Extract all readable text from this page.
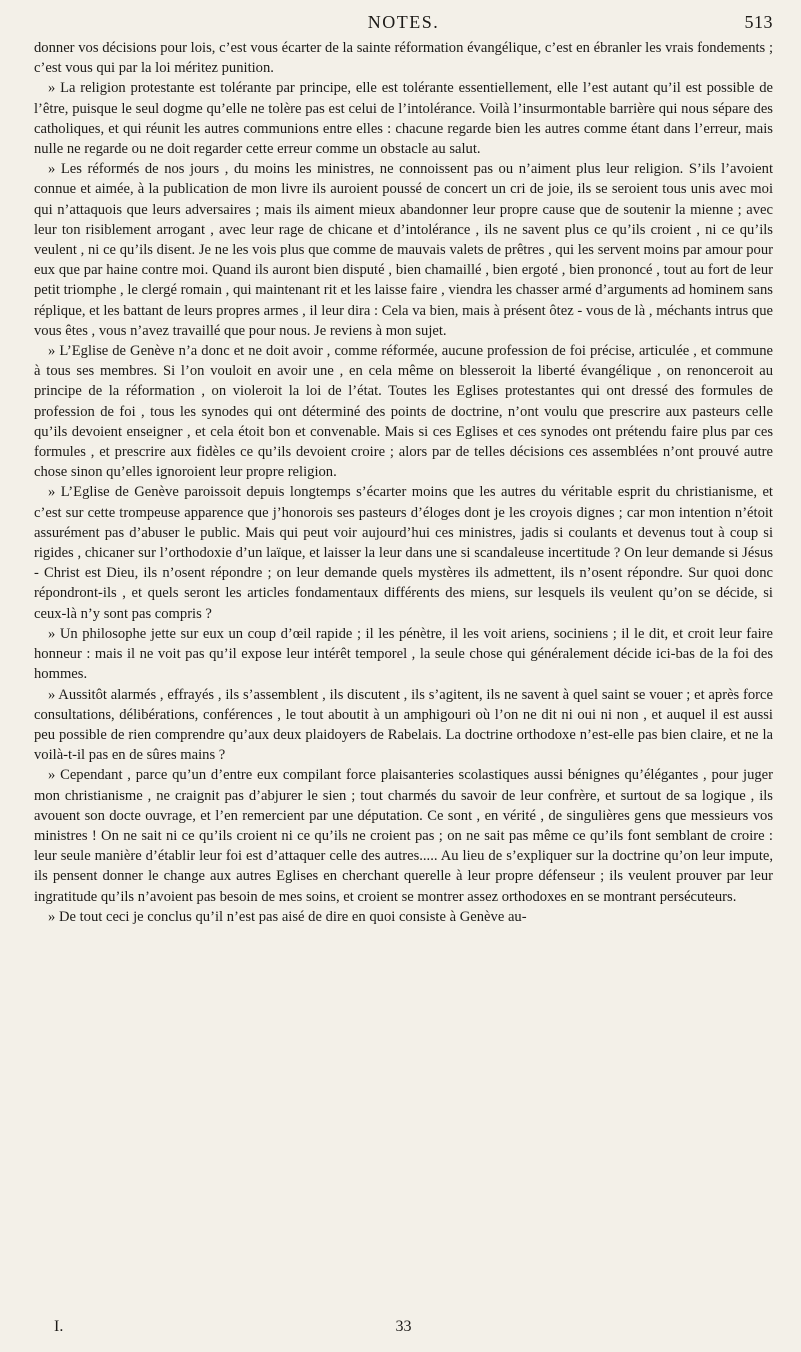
NOTES.	513

donner vos décisions pour lois, c’est vous écarter de la sainte réformation évangélique, c’est en ébranler les vrais fondements ; c’est vous qui par la loi méritez punition.

» La religion protestante est tolérante par principe, elle est tolérante essentiellement, elle l’est autant qu’il est possible de l’être, puisque le seul dogme qu’elle ne tolère pas est celui de l’intolérance. Voilà l’insurmontable barrière qui nous sépare des catholiques, et qui réunit les autres communions entre elles : chacune regarde bien les autres comme étant dans l’erreur, mais nulle ne regarde ou ne doit regarder cette erreur comme un obstacle au salut.

» Les réformés de nos jours , du moins les ministres, ne connoissent pas ou n’aiment plus leur religion. S’ils l’avoient connue et aimée, à la publication de mon livre ils auroient poussé de concert un cri de joie, ils se seroient tous unis avec moi qui n’attaquois que leurs adversaires ; mais ils aiment mieux abandonner leur propre cause que de soutenir la mienne ; avec leur ton risiblement arrogant , avec leur rage de chicane et d’intolérance , ils ne savent plus ce qu’ils croient , ni ce qu’ils veulent , ni ce qu’ils disent. Je ne les vois plus que comme de mauvais valets de prêtres , qui les servent moins par amour pour eux que par haine contre moi. Quand ils auront bien disputé , bien chamaillé , bien ergoté , bien prononcé , tout au fort de leur petit triomphe , le clergé romain , qui maintenant rit et les laisse faire , viendra les chasser armé d’arguments ad hominem sans réplique, et les battant de leurs propres armes , il leur dira : Cela va bien, mais à présent ôtez - vous de là , méchants intrus que vous êtes , vous n’avez travaillé que pour nous. Je reviens à mon sujet.

» L’Eglise de Genève n’a donc et ne doit avoir , comme réformée, aucune profession de foi précise, articulée , et commune à tous ses membres. Si l’on vouloit en avoir une , en cela même on blesseroit la liberté évangélique , on renonceroit au principe de la réformation , on violeroit la loi de l’état. Toutes les Eglises protestantes qui ont dressé des formules de profession de foi , tous les synodes qui ont déterminé des points de doctrine, n’ont voulu que prescrire aux pasteurs celle qu’ils devoient enseigner , et cela étoit bon et convenable. Mais si ces Eglises et ces synodes ont prétendu faire plus par ces formules , et prescrire aux fidèles ce qu’ils devoient croire ; alors par de telles décisions ces assemblées n’ont prouvé autre chose sinon qu’elles ignoroient leur propre religion.

» L’Eglise de Genève paroissoit depuis longtemps s’écarter moins que les autres du véritable esprit du christianisme, et c’est sur cette trompeuse apparence que j’honorois ses pasteurs d’éloges dont je les croyois dignes ; car mon intention n’étoit assurément pas d’abuser le public. Mais qui peut voir aujourd’hui ces ministres, jadis si coulants et devenus tout à coup si rigides , chicaner sur l’orthodoxie d’un laïque, et laisser la leur dans une si scandaleuse incertitude ? On leur demande si Jésus - Christ est Dieu, ils n’osent répondre ; on leur demande quels mystères ils admettent, ils n’osent répondre. Sur quoi donc répondront-ils , et quels seront les articles fondamentaux différents des miens, sur lesquels ils veulent qu’on se décide, si ceux-là n’y sont pas compris ?

» Un philosophe jette sur eux un coup d’œil rapide ; il les pénètre, il les voit ariens, sociniens ; il le dit, et croit leur faire honneur : mais il ne voit pas qu’il expose leur intérêt temporel , la seule chose qui généralement décide ici-bas de la foi des hommes.

» Aussitôt alarmés , effrayés , ils s’assemblent , ils discutent , ils s’agitent, ils ne savent à quel saint se vouer ; et après force consultations, délibérations, conférences , le tout aboutit à un amphigouri où l’on ne dit ni oui ni non , et auquel il est aussi peu possible de rien comprendre qu’aux deux plaidoyers de Rabelais. La doctrine orthodoxe n’est-elle pas bien claire, et ne la voilà-t-il pas en de sûres mains ?

» Cependant , parce qu’un d’entre eux compilant force plaisanteries scolastiques aussi bénignes qu’élégantes , pour juger mon christianisme , ne craignit pas d’abjurer le sien ; tout charmés du savoir de leur confrère, et surtout de sa logique , ils avouent son docte ouvrage, et l’en remercient par une députation. Ce sont , en vérité , de singulières gens que messieurs vos ministres ! On ne sait ni ce qu’ils croient ni ce qu’ils ne croient pas ; on ne sait pas même ce qu’ils font semblant de croire : leur seule manière d’établir leur foi est d’attaquer celle des autres..... Au lieu de s’expliquer sur la doctrine qu’on leur impute, ils pensent donner le change aux autres Eglises en cherchant querelle à leur propre défenseur ; ils veulent prouver par leur ingratitude qu’ils n’avoient pas besoin de mes soins, et croient se montrer assez orthodoxes en se montrant persécuteurs.

» De tout ceci je conclus qu’il n’est pas aisé de dire en quoi consiste à Genève au-

I.	33
